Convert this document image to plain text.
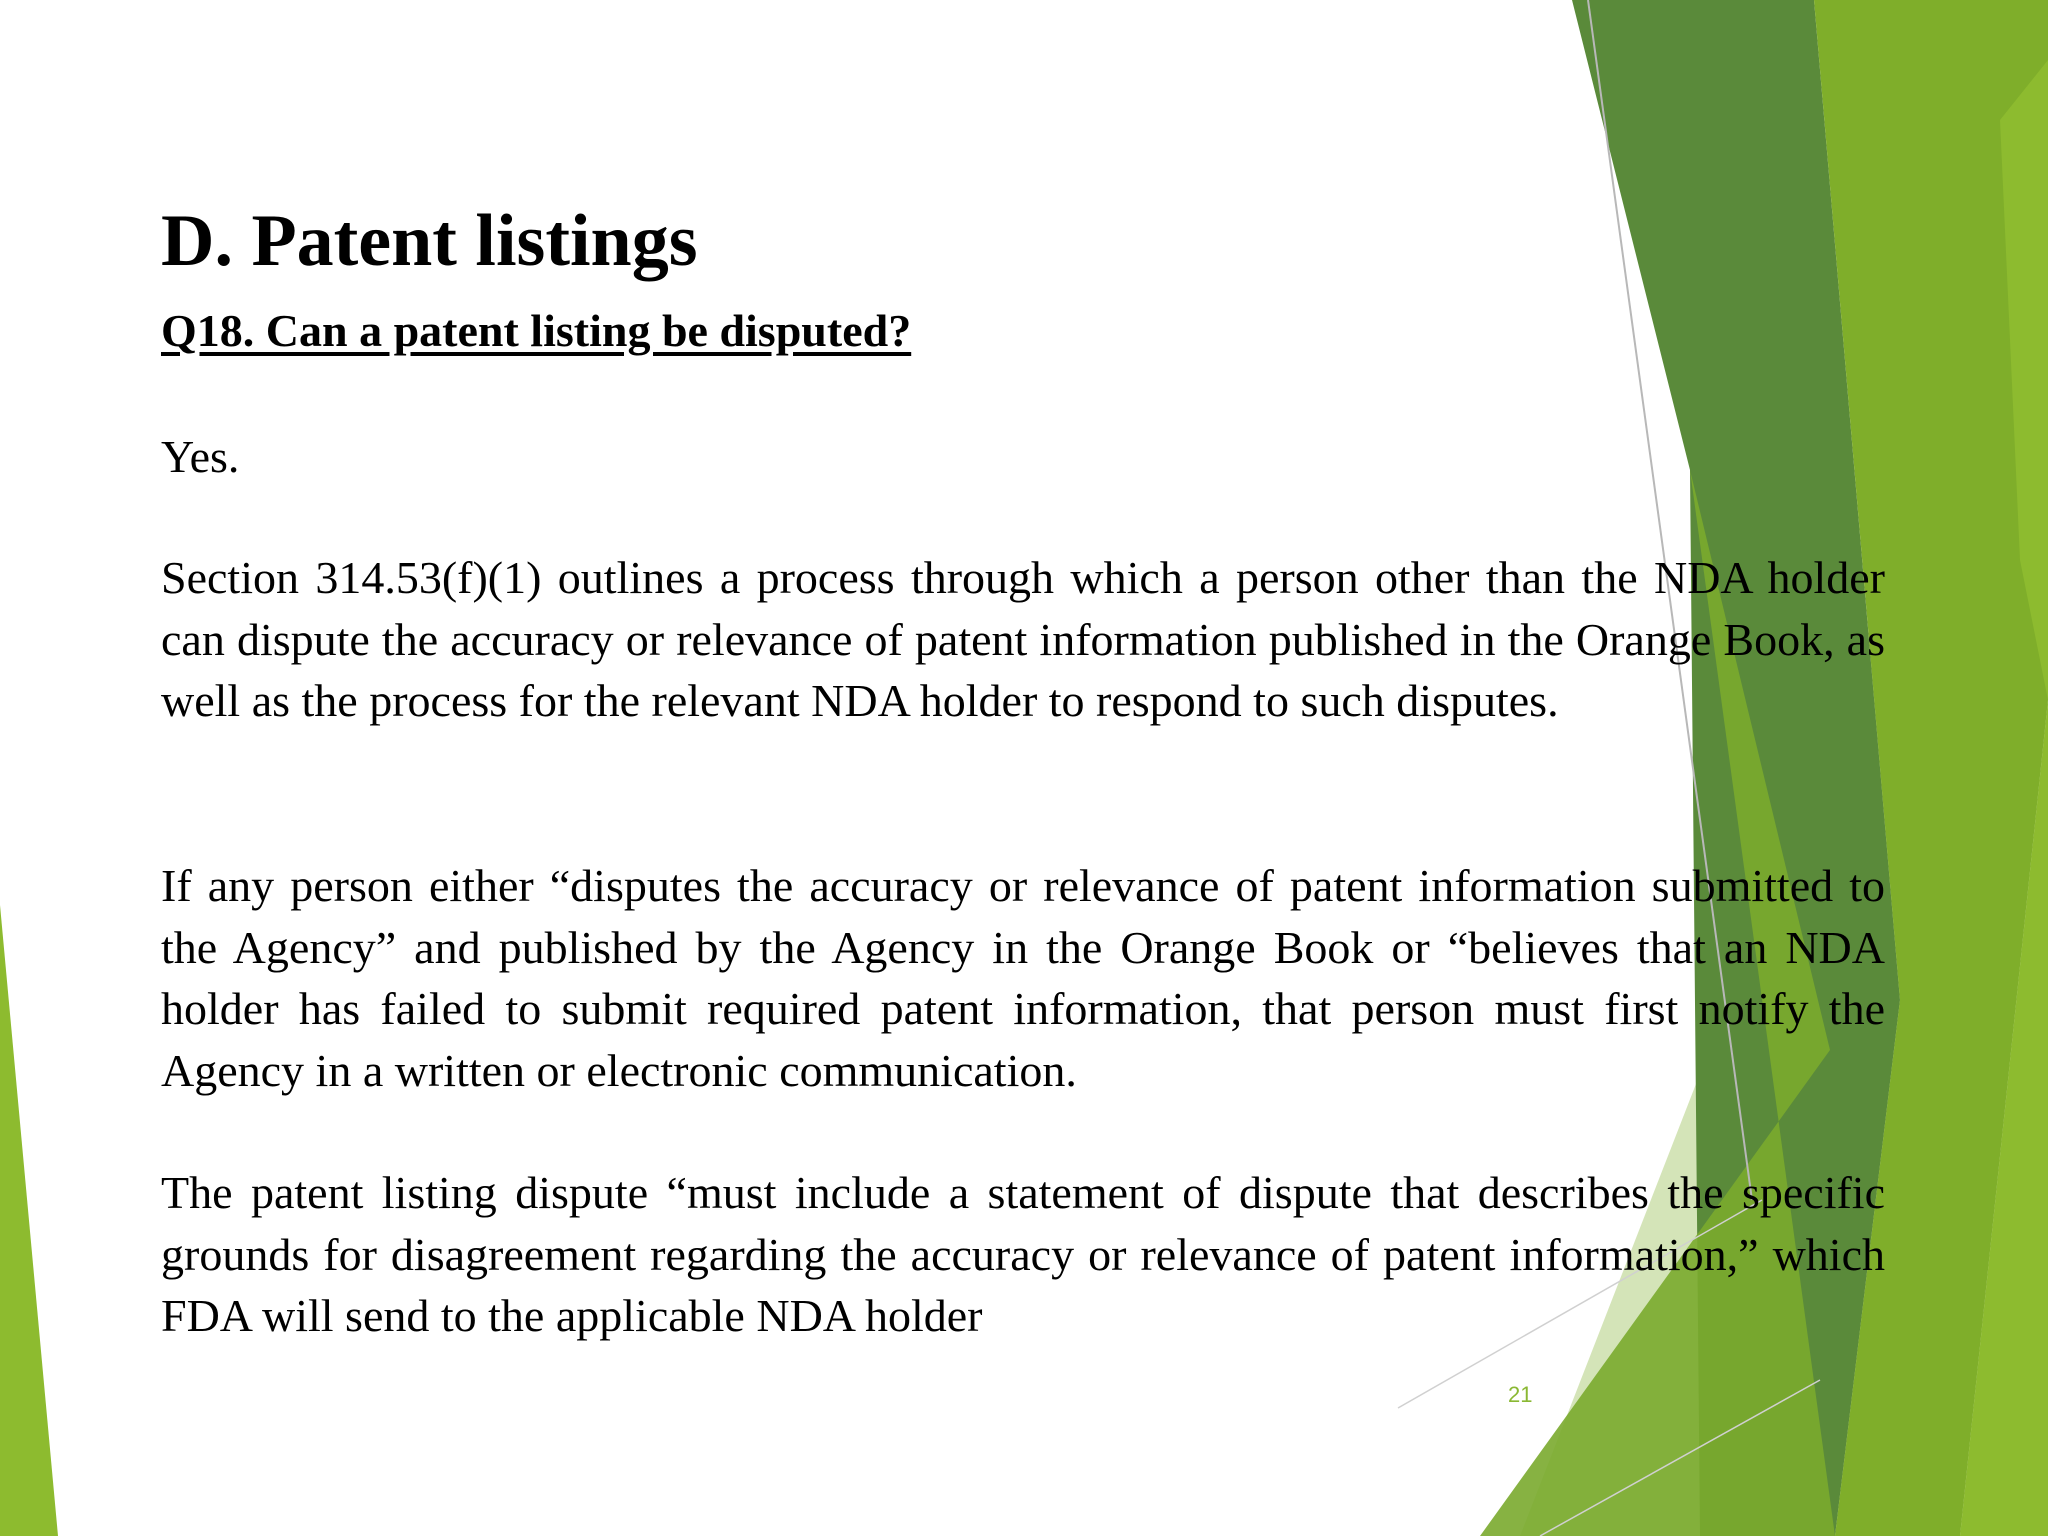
D. Patent listings
Q18. Can a patent listing be disputed?

Yes.

Section 314.53(f)(1) outlines a process through which a person other than the NDA holder can dispute the accuracy or relevance of patent information published in the Orange Book, as well as the process for the relevant NDA holder to respond to such disputes.

If any person either “disputes the accuracy or relevance of patent information submitted to the Agency” and published by the Agency in the Orange Book or “believes that an NDA holder has failed to submit required patent information, that person must first notify the Agency in a written or electronic communication.

The patent listing dispute “must include a statement of dispute that describes the specific grounds for disagreement regarding the accuracy or relevance of patent information,” which FDA will send to the applicable NDA holder

21
